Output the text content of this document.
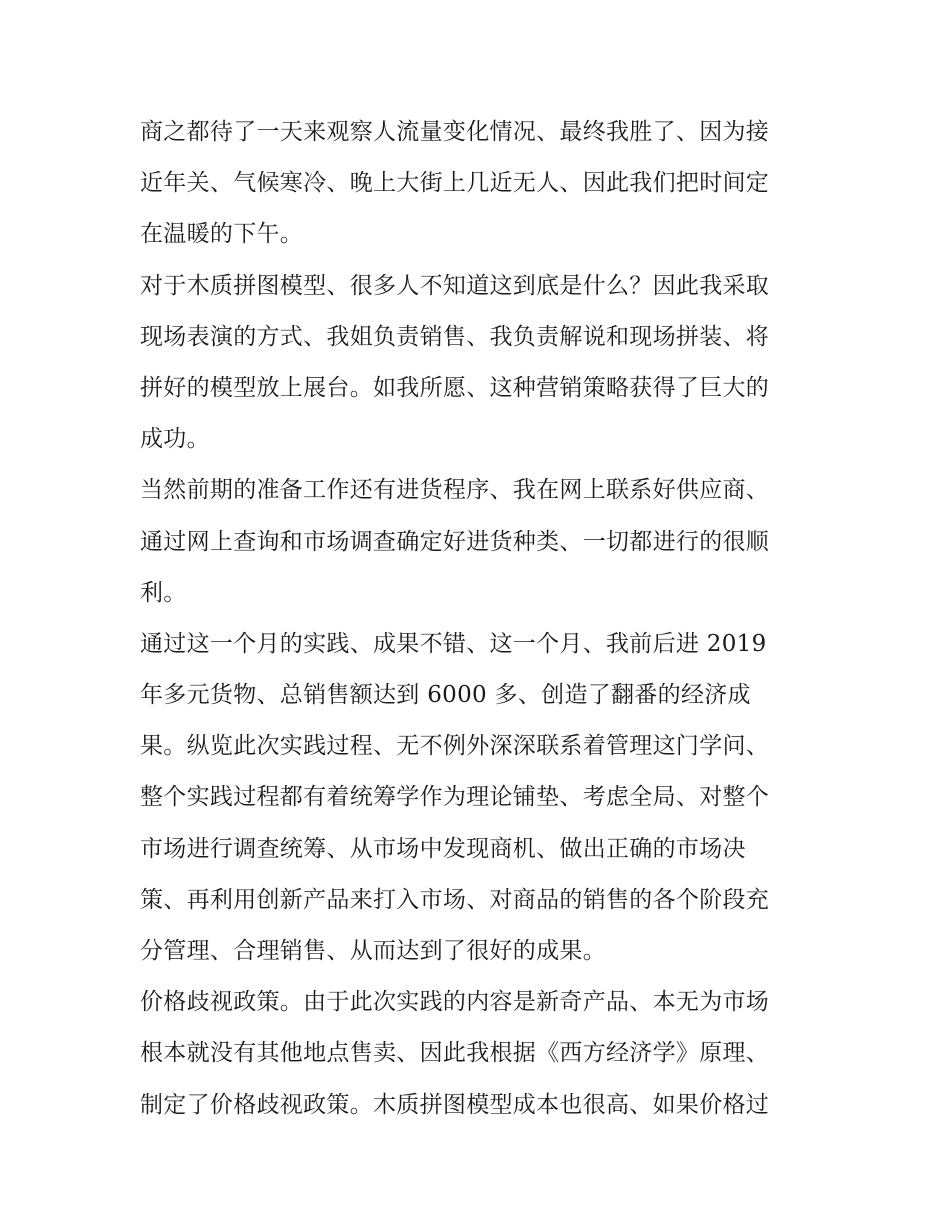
商之都待了一天来观察人流量变化情况、最终我胜了、因为接
近年关、气候寒冷、晚上大街上几近无人、因此我们把时间定
在温暖的下午。
对于木质拼图模型、很多人不知道这到底是什么？因此我采取
现场表演的方式、我姐负责销售、我负责解说和现场拼装、将
拼好的模型放上展台。如我所愿、这种营销策略获得了巨大的
成功。
当然前期的准备工作还有进货程序、我在网上联系好供应商、
通过网上查询和市场调查确定好进货种类、一切都进行的很顺
利。
通过这一个月的实践、成果不错、这一个月、我前后进 2019
年多元货物、总销售额达到 6000 多、创造了翻番的经济成
果。纵览此次实践过程、无不例外深深联系着管理这门学问、
整个实践过程都有着统筹学作为理论铺垫、考虑全局、对整个
市场进行调查统筹、从市场中发现商机、做出正确的市场决
策、再利用创新产品来打入市场、对商品的销售的各个阶段充
分管理、合理销售、从而达到了很好的成果。
价格歧视政策。由于此次实践的内容是新奇产品、本无为市场
根本就没有其他地点售卖、因此我根据《西方经济学》原理、
制定了价格歧视政策。木质拼图模型成本也很高、如果价格过
